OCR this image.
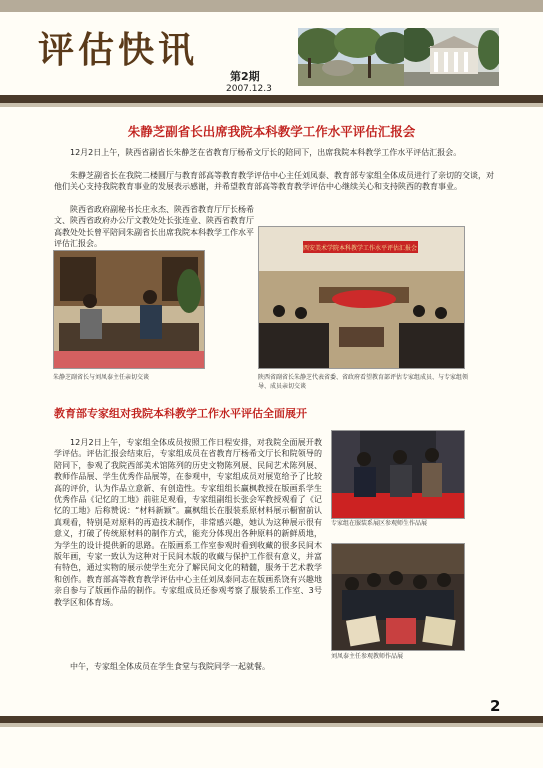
评估快讯
第2期
2007.12.3
朱静芝副省长出席我院本科教学工作水平评估汇报会

12月2日上午，陕西省副省长朱静芝在省教育厅杨希文厅长的陪同下，出席我院本科教学工作水平评估汇报会。

朱静芝副省长在我院二楼圆厅与教育部高等教育教学评估中心主任刘凤泰、教育部专家组全体成员进行了亲切的交谈，对他们关心支持我院教育事业的发展表示感谢，并希望教育部高等教育教学评估中心继续关心和支持陕西的教育事业。

陕西省政府副秘书长庄永杰、陕西省教育厅厅长杨希文、陕西省政府办公厅文教处处长张连业、陕西省教育厅高教处处长曾平陪同朱副省长出席我院本科教学工作水平评估汇报会。

朱静芝副省长与刘凤泰主任亲切交谈
西安美术学院本科教学工作水平评估汇报会
陕西省副省长朱静芝代表省委、省政府看望教育部评估专家组成员、与专家组领导、成员亲切交谈
教育部专家组对我院本科教学工作水平评估全面展开

12月2日上午，专家组全体成员按照工作日程安排，对我院全面展开教学评估。评估汇报会结束后，专家组成员在省教育厅杨希文厅长和院领导的陪同下，参观了我院西部美术馆陈列的历史文物陈列展、民间艺术陈列展、教师作品展、学生优秀作品展等，在参观中，专家组成员对展览给予了比较高的评价，认为作品立意新、有创造性。专家组组长赢枫教授在版画系学生优秀作品《记忆的工地》前驻足观看，专家组副组长张会军教授观看了《记忆的工地》后称赞说：“材料新颖”。赢枫组长在服装系原材料展示橱窗前认真观看，特别是对原料的再造技术制作，非常感兴趣，她认为这种展示很有意义，打破了传统原材料的制作方式，能充分体现出各种原料的新鲜质地，为学生的设计提供新的思路。在版画系工作室参观时看到收藏的很多民间木版年画，专家一致认为这种对于民间木版的收藏与保护工作很有意义，并富有特色，通过实物的展示使学生充分了解民间文化的精髓，服务于艺术教学和创作。教育部高等教育教学评估中心主任刘凤泰同志在版画系饶有兴趣地亲自参与了版画作品的制作。专家组成员还参观考察了服装系工作室、3号教学区和体育场。

中午，专家组全体成员在学生食堂与我院同学一起就餐。

专家组在服装系展区参观师生作品展
刘凤泰主任参观教师作品展
2
